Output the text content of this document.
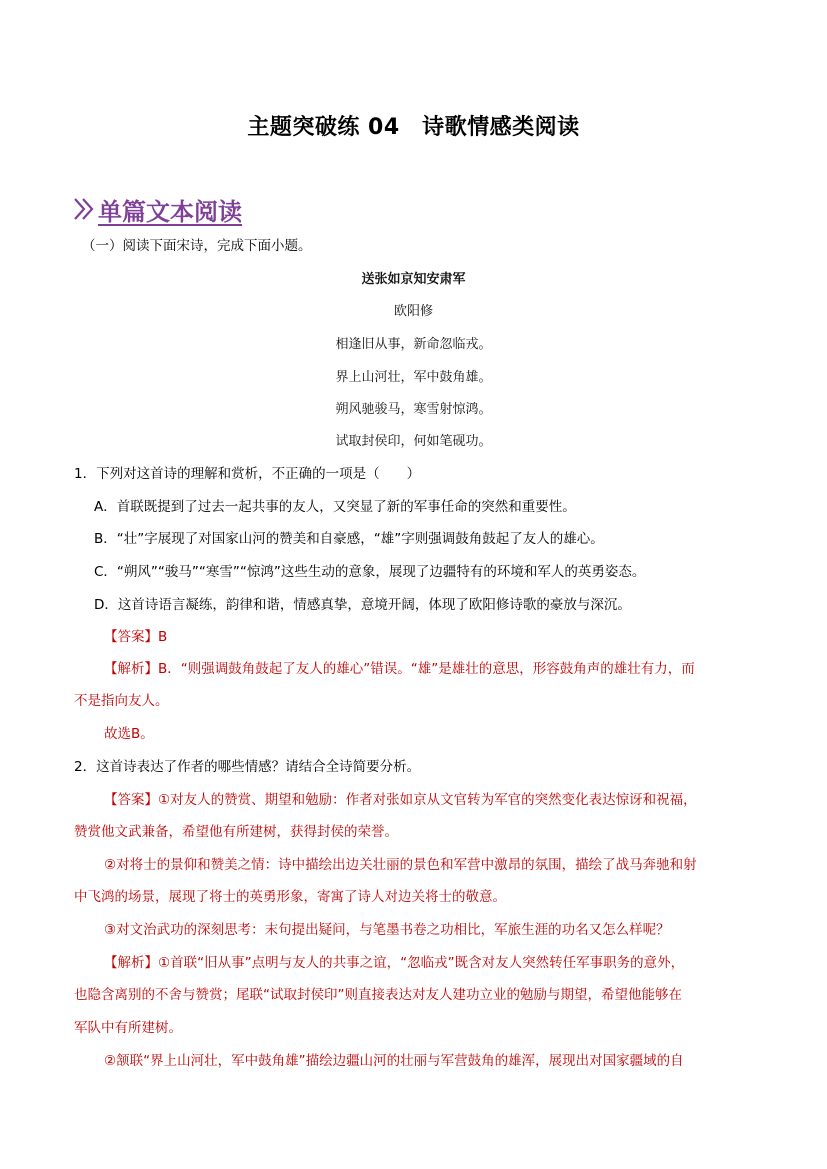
主题突破练 04　诗歌情感类阅读
单篇文本阅读
（一）阅读下面宋诗，完成下面小题。
送张如京知安肃军
欧阳修
相逢旧从事，新命忽临戎。
界上山河壮，军中鼓角雄。
朔风驰骏马，寒雪射惊鸿。
试取封侯印，何如笔砚功。
1．下列对这首诗的理解和赏析，不正确的一项是（　　）
A．首联既提到了过去一起共事的友人，又突显了新的军事任命的突然和重要性。
B．“壮”字展现了对国家山河的赞美和自豪感，“雄”字则强调鼓角鼓起了友人的雄心。
C．“朔风”“骏马”“寒雪”“惊鸿”这些生动的意象，展现了边疆特有的环境和军人的英勇姿态。
D．这首诗语言凝练，韵律和谐，情感真挚，意境开阔，体现了欧阳修诗歌的豪放与深沉。
【答案】B
【解析】B．“则强调鼓角鼓起了友人的雄心”错误。“雄”是雄壮的意思，形容鼓角声的雄壮有力，而
不是指向友人。
故选B。
2．这首诗表达了作者的哪些情感？请结合全诗简要分析。
【答案】①对友人的赞赏、期望和勉励：作者对张如京从文官转为军官的突然变化表达惊讶和祝福，
赞赏他文武兼备，希望他有所建树，获得封侯的荣誉。
②对将士的景仰和赞美之情：诗中描绘出边关壮丽的景色和军营中激昂的氛围，描绘了战马奔驰和射
中飞鸿的场景，展现了将士的英勇形象，寄寓了诗人对边关将士的敬意。
③对文治武功的深刻思考：末句提出疑问，与笔墨书卷之功相比，军旅生涯的功名又怎么样呢？
【解析】①首联“旧从事”点明与友人的共事之谊，“忽临戎”既含对友人突然转任军事职务的意外，
也隐含离别的不舍与赞赏；尾联“试取封侯印”则直接表达对友人建功立业的勉励与期望，希望他能够在
军队中有所建树。
②颔联“界上山河壮，军中鼓角雄”描绘边疆山河的壮丽与军营鼓角的雄浑，展现出对国家疆域的自
